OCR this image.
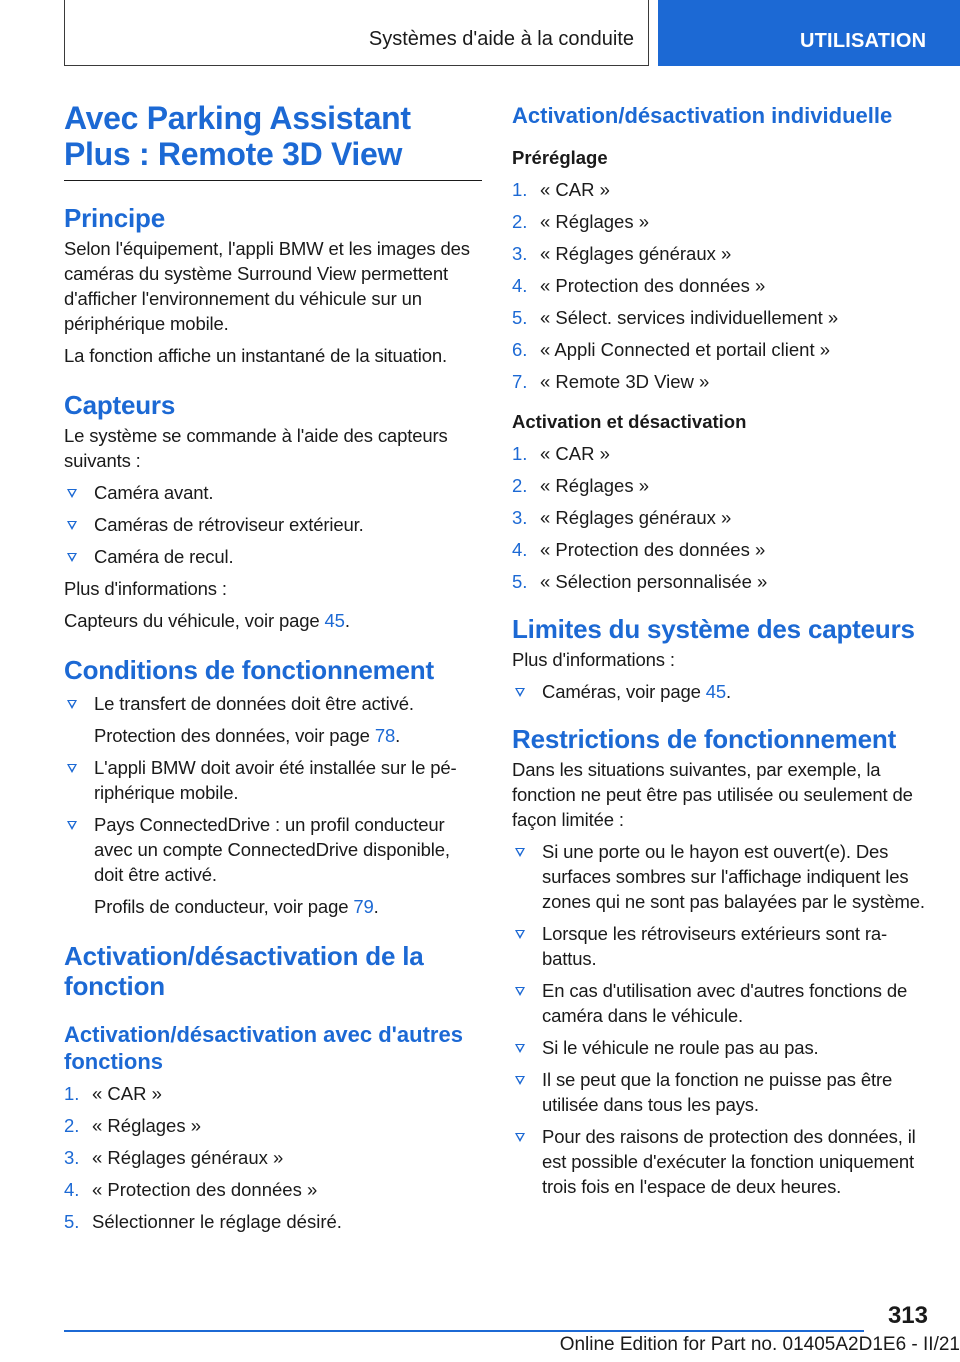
Systèmes d'aide à la conduite	UTILISATION
Avec Parking Assistant Plus : Remote 3D View
Principe

Selon l'équipement, l'appli BMW et les images des caméras du système Surround View permettent d'afficher l'environnement du véhicule sur un périphérique mobile.

La fonction affiche un instantané de la situation.

Capteurs

Le système se commande à l'aide des capteurs suivants :

Caméra avant.
Caméras de rétroviseur extérieur.
Caméra de recul.

Plus d'informations :

Capteurs du véhicule, voir page 45.

Conditions de fonctionnement
Le transfert de données doit être activé.
Protection des données, voir page 78.
L'appli BMW doit avoir été installée sur le périphérique mobile.
Pays ConnectedDrive : un profil conducteur avec un compte ConnectedDrive disponible, doit être activé.
Profils de conducteur, voir page 79.
Activation/désactivation de la fonction
Activation/désactivation avec d'autres fonctions
1. « CAR »
2. « Réglages »
3. « Réglages généraux »
4. « Protection des données »
5. Sélectionner le réglage désiré.
Activation/désactivation individuelle
Préréglage
1. « CAR »
2. « Réglages »
3. « Réglages généraux »
4. « Protection des données »
5. « Sélect. services individuellement »
6. « Appli Connected et portail client »
7. « Remote 3D View »
Activation et désactivation
1. « CAR »
2. « Réglages »
3. « Réglages généraux »
4. « Protection des données »
5. « Sélection personnalisée »
Limites du système des capteurs

Plus d'informations :

Caméras, voir page 45.
Restrictions de fonctionnement

Dans les situations suivantes, par exemple, la fonction ne peut être pas utilisée ou seulement de façon limitée :

Si une porte ou le hayon est ouvert(e). Des surfaces sombres sur l'affichage indiquent les zones qui ne sont pas balayées par le système.
Lorsque les rétroviseurs extérieurs sont rabattus.
En cas d'utilisation avec d'autres fonctions de caméra dans le véhicule.
Si le véhicule ne roule pas au pas.
Il se peut que la fonction ne puisse pas être utilisée dans tous les pays.
Pour des raisons de protection des données, il est possible d'exécuter la fonction uniquement trois fois en l'espace de deux heures.
313
Online Edition for Part no. 01405A2D1E6 - II/21
